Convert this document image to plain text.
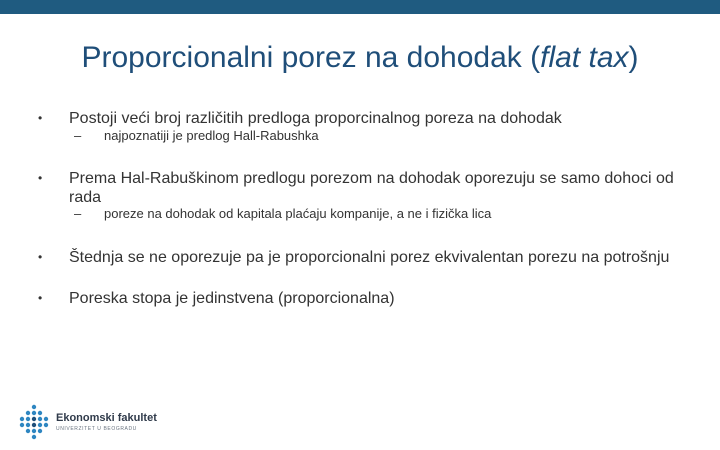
Proporcionalni porez na dohodak (flat tax)
•	Postoji veći broj različitih predloga proporcinalnog poreza na dohodak
– najpoznatiji je predlog Hall-Rabushka
•	Prema Hal-Rabuškinom predlogu porezom na dohodak oporezuju se samo dohoci od rada
– poreze na dohodak od kapitala plaćaju kompanije, a ne i fizička lica
•	Štednja se ne oporezuje pa je proporcionalni porez ekvivalentan porezu na potrošnju
•	Poreska stopa je jedinstvena (proporcionalna)
Ekonomski fakultet
UNIVERZITET U BEOGRADU
